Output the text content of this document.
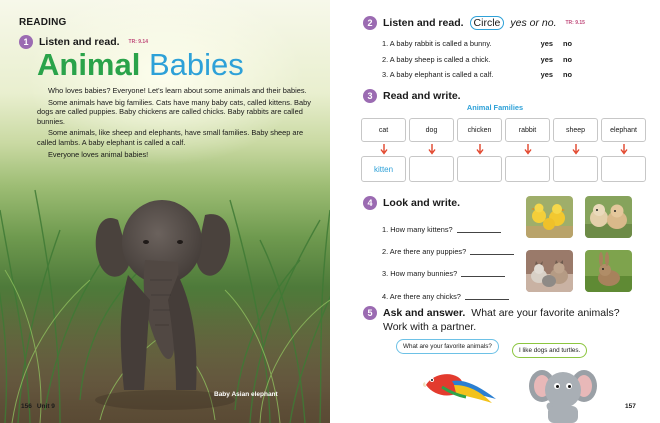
READING
1	Listen and read. TR: 9.14
Animal Babies

Who loves babies? Everyone! Let's learn about some animals and their babies.

Some animals have big families. Cats have many baby cats, called kittens. Baby dogs are called puppies. Baby chickens are called chicks. Baby rabbits are called bunnies.

Some animals, like sheep and elephants, have small families. Baby sheep are called lambs. A baby elephant is called a calf.

Everyone loves animal babies!

Baby Asian elephant
156 Unit 9
2	Listen and read. Circle yes or no. TR: 9.15
1. A baby rabbit is called a bunny.	yes no
2. A baby sheep is called a chick.	yes no
3. A baby elephant is called a calf.	yes no
3	Read and write.
Animal Families
cat	dog	chicken	rabbit	sheep	elephant
kitten
4	Look and write.
1. How many kittens?
2. Are there any puppies?
3. How many bunnies?
4. Are there any chicks?
5	Ask and answer. What are your favorite animals?
Work with a partner.
What are your favorite animals?
I like dogs and turtles.
157
